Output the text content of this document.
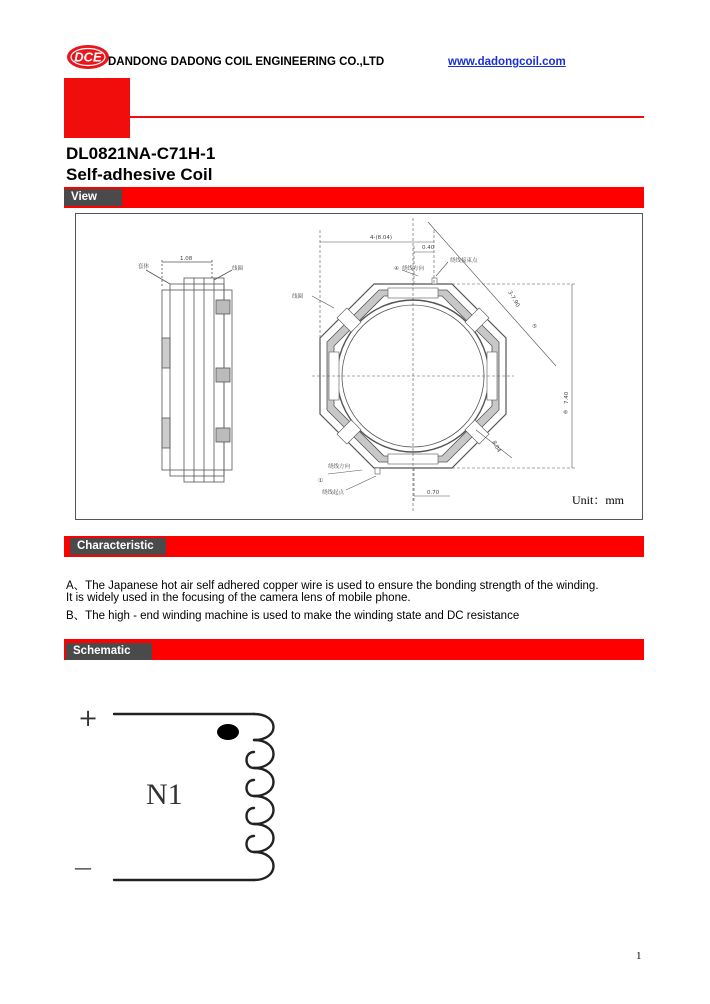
DCE DANDONG DADONG COIL ENGINEERING CO.,LTD	www.dadongcoil.com
DL0821NA-C71H-1
Self-adhesive Coil
View
1.08
套体	线圈
4-(8.04)
0.40
0.70
线圈
绕线方向
④
绕线接束点
绕线方向
①
绕线起点
3-7.90
⑤
7.40
⑥
8.04
Unit：mm
Characteristic
A、The Japanese hot air self adhered copper wire is used to ensure the bonding strength of the winding.
It is widely used in the focusing of the camera lens of mobile phone.
B、The high - end winding machine is used to make the winding state and DC resistance
Schematic
+
—
N1
1
